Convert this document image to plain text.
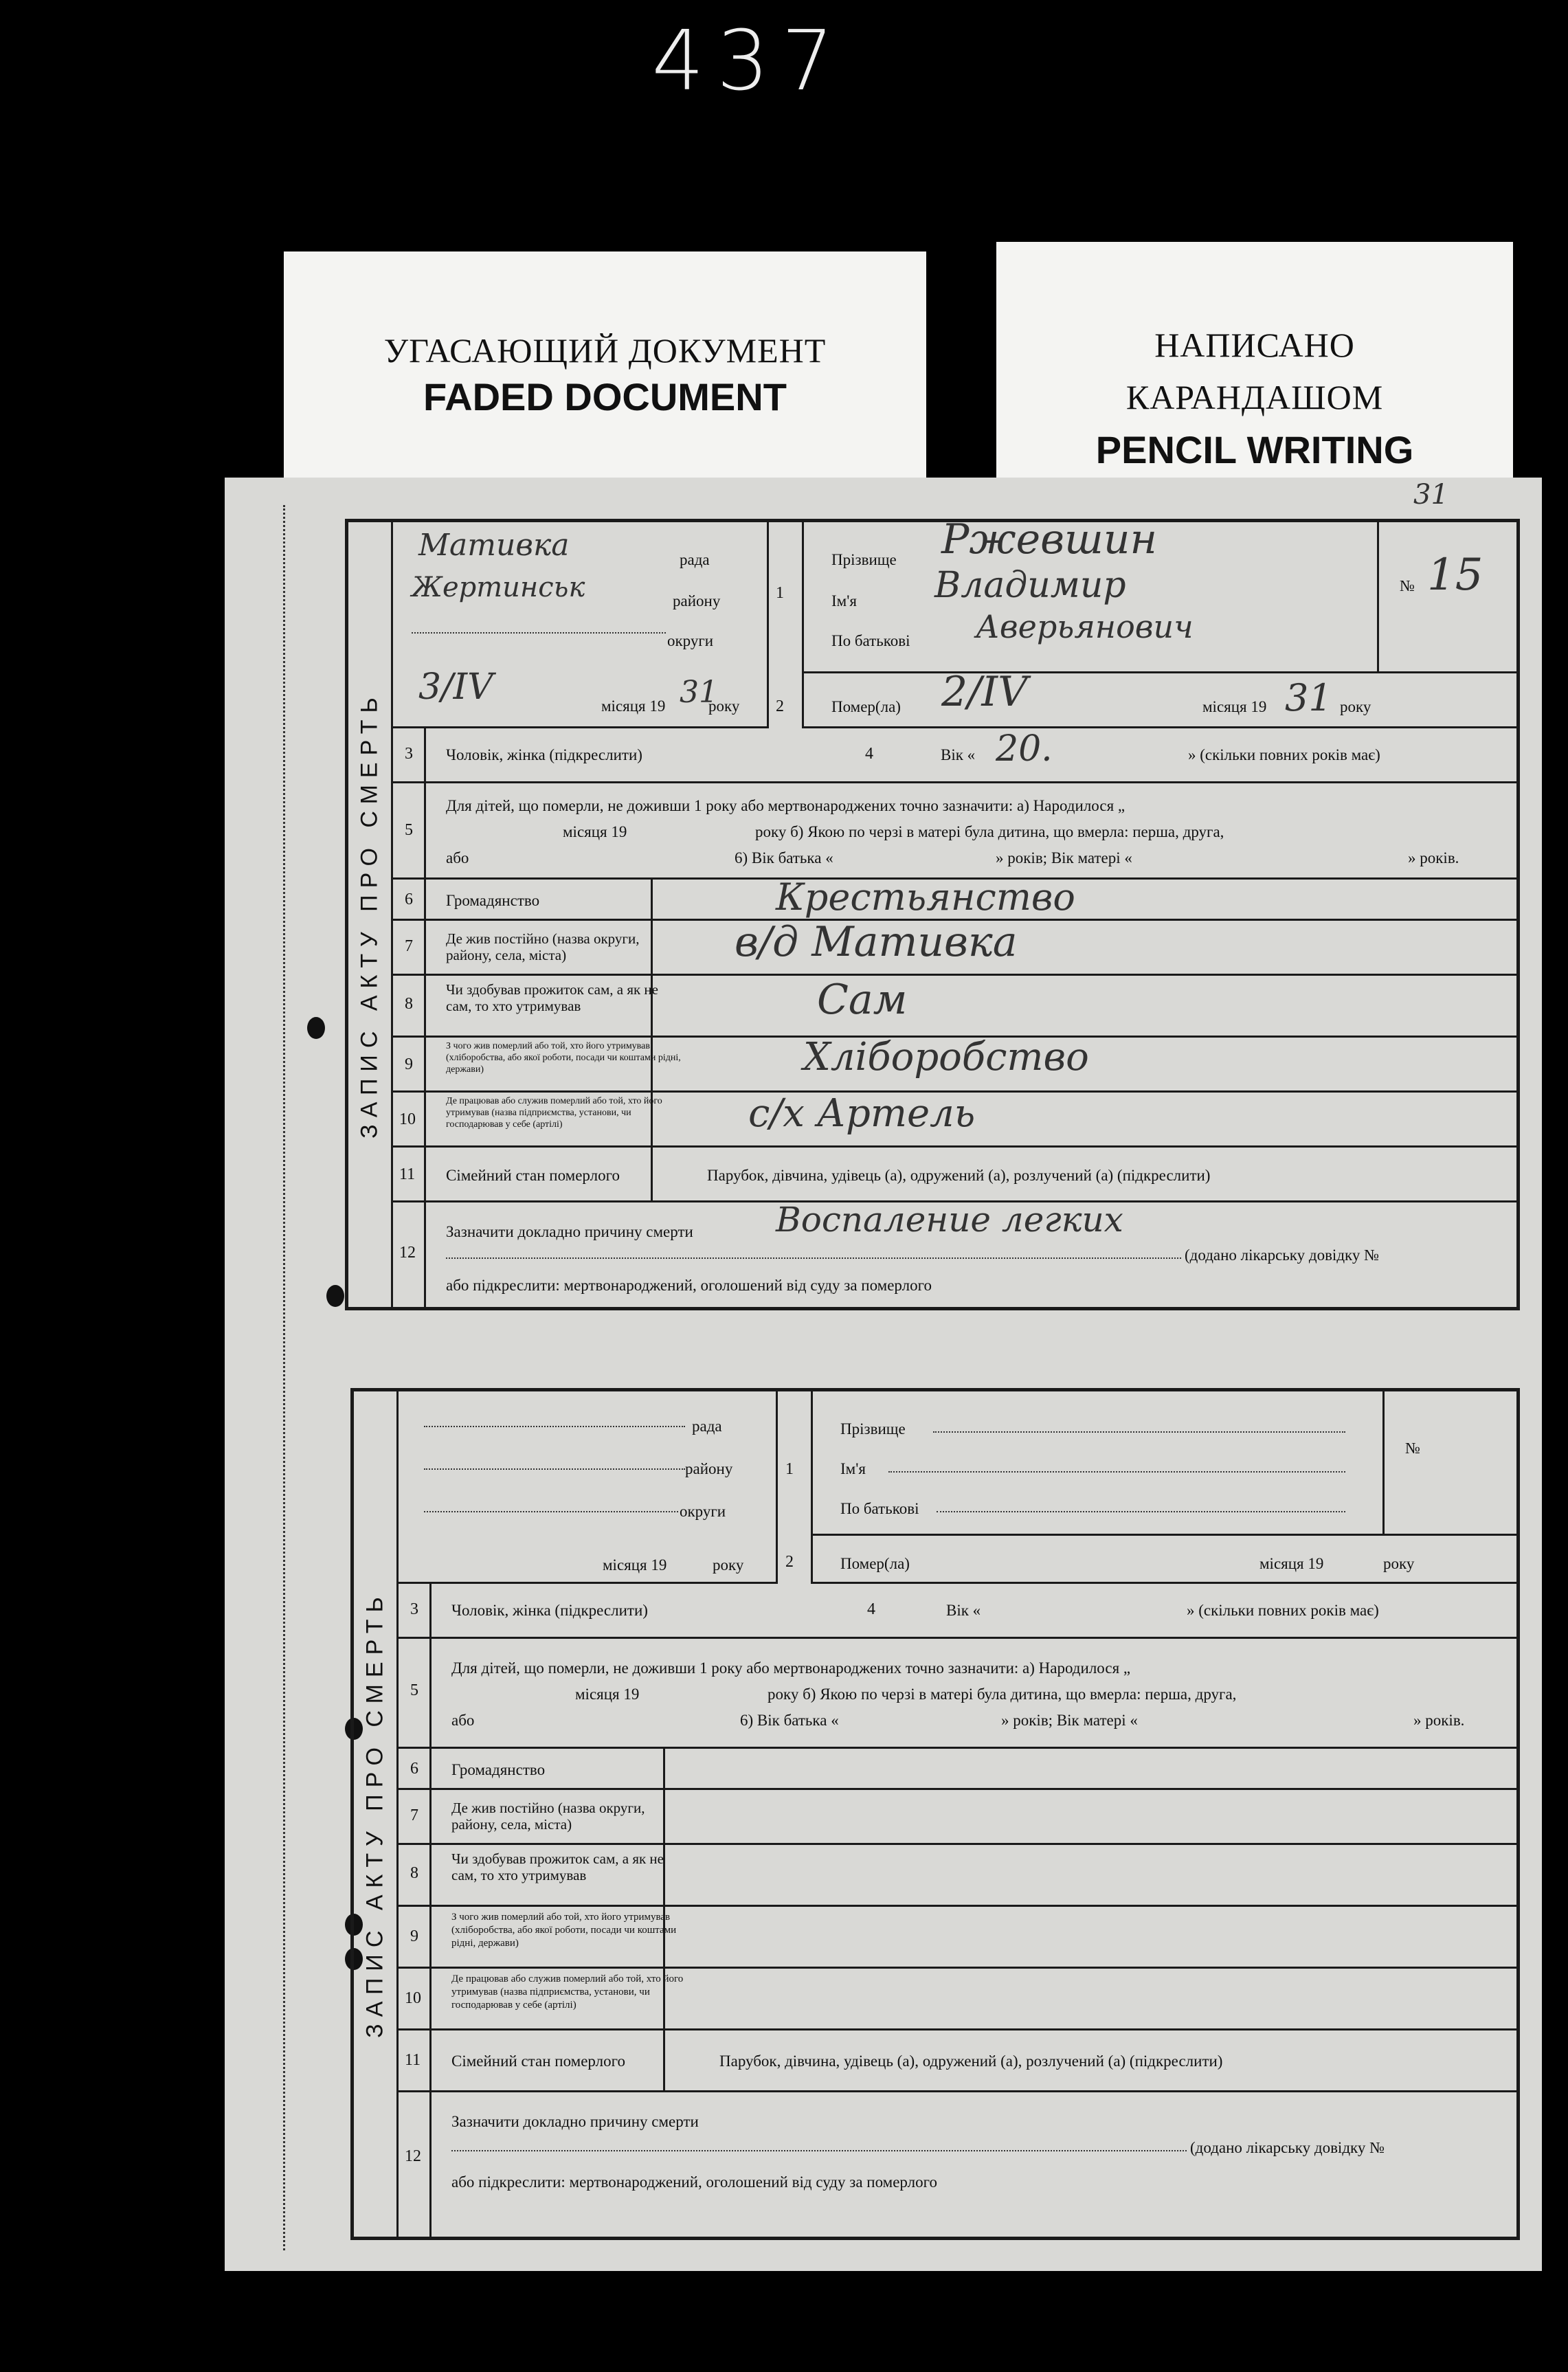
437
УГАСАЮЩИЙ ДОКУМЕНТ
FADED DOCUMENT
НАПИСАНО
КАРАНДАШОМ
PENCIL WRITING
31
ЗАПИС АКТУ ПРО СМЕРТЬ
Мативка	рада
Жертинськ	району
округи
3/IV	місяця 19 31
року
1
2
Прізвище Ржевшин
Ім'я Владимир
По батькові Аверьянович
№ 15
Помер(ла) 2/IV	місяця 19 31 року
3 Чоловік, жінка (підкреслити)	4	Вік « 20.	» (скільки повних років має)
5
Для дітей, що померли, не доживши 1 року або мертвонароджених точно зазначити: а) Народилося „
місяця 19	року б) Якою по черзі в матері була дитина, що вмерла: перша, друга,
або	6) Вік батька «	» років; Вік матері «	» років.
6 Громадянство	Крестьянство
7 Де жив постійно (назва округи, району, села, міста)	в/д Мативка
8
Чи здобував прожиток сам, а як не сам, то хто утримував	Сам
9
З чого жив померлий або той, хто його утримував (хліборобства, або якої роботи, посади чи коштами рідні, держави)	Хліборобство
10
Де працював або служив померлий або той, хто його утримував (назва підприємства, установи, чи господарював у себе (артілі)	с/х Артель
11 Сімейний стан померлого	Парубок, дівчина, удівець (а), одружений (а), розлучений (а) (підкреслити)
12
Зазначити докладно причину смерти Воспаление легких
(додано лікарську довідку №
або підкреслити: мертвонароджений, оголошений від суду за померлого
ЗАПИС АКТУ ПРО СМЕРТЬ
рада
району
округи
місяця 19	року
1
2
Прізвище
Ім'я
По батькові
№
Помер(ла)	місяця 19	року
3 Чоловік, жінка (підкреслити)	4	Вік «	» (скільки повних років має)
5
Для дітей, що померли, не доживши 1 року або мертвонароджених точно зазначити: а) Народилося „
місяця 19	року б) Якою по черзі в матері була дитина, що вмерла: перша, друга,
або	6) Вік батька «	» років; Вік матері «	» років.
6 Громадянство
7 Де жив постійно (назва округи, району, села, міста)
8
Чи здобував прожиток сам, а як не сам, то хто утримував
9
З чого жив померлий або той, хто його утримував (хліборобства, або якої роботи, посади чи коштами рідні, держави)
10
Де працював або служив померлий або той, хто його утримував (назва підприємства, установи, чи господарював у себе (артілі)
11 Сімейний стан померлого	Парубок, дівчина, удівець (а), одружений (а), розлучений (а) (підкреслити)
12
Зазначити докладно причину смерти
(додано лікарську довідку №
або підкреслити: мертвонароджений, оголошений від суду за померлого
